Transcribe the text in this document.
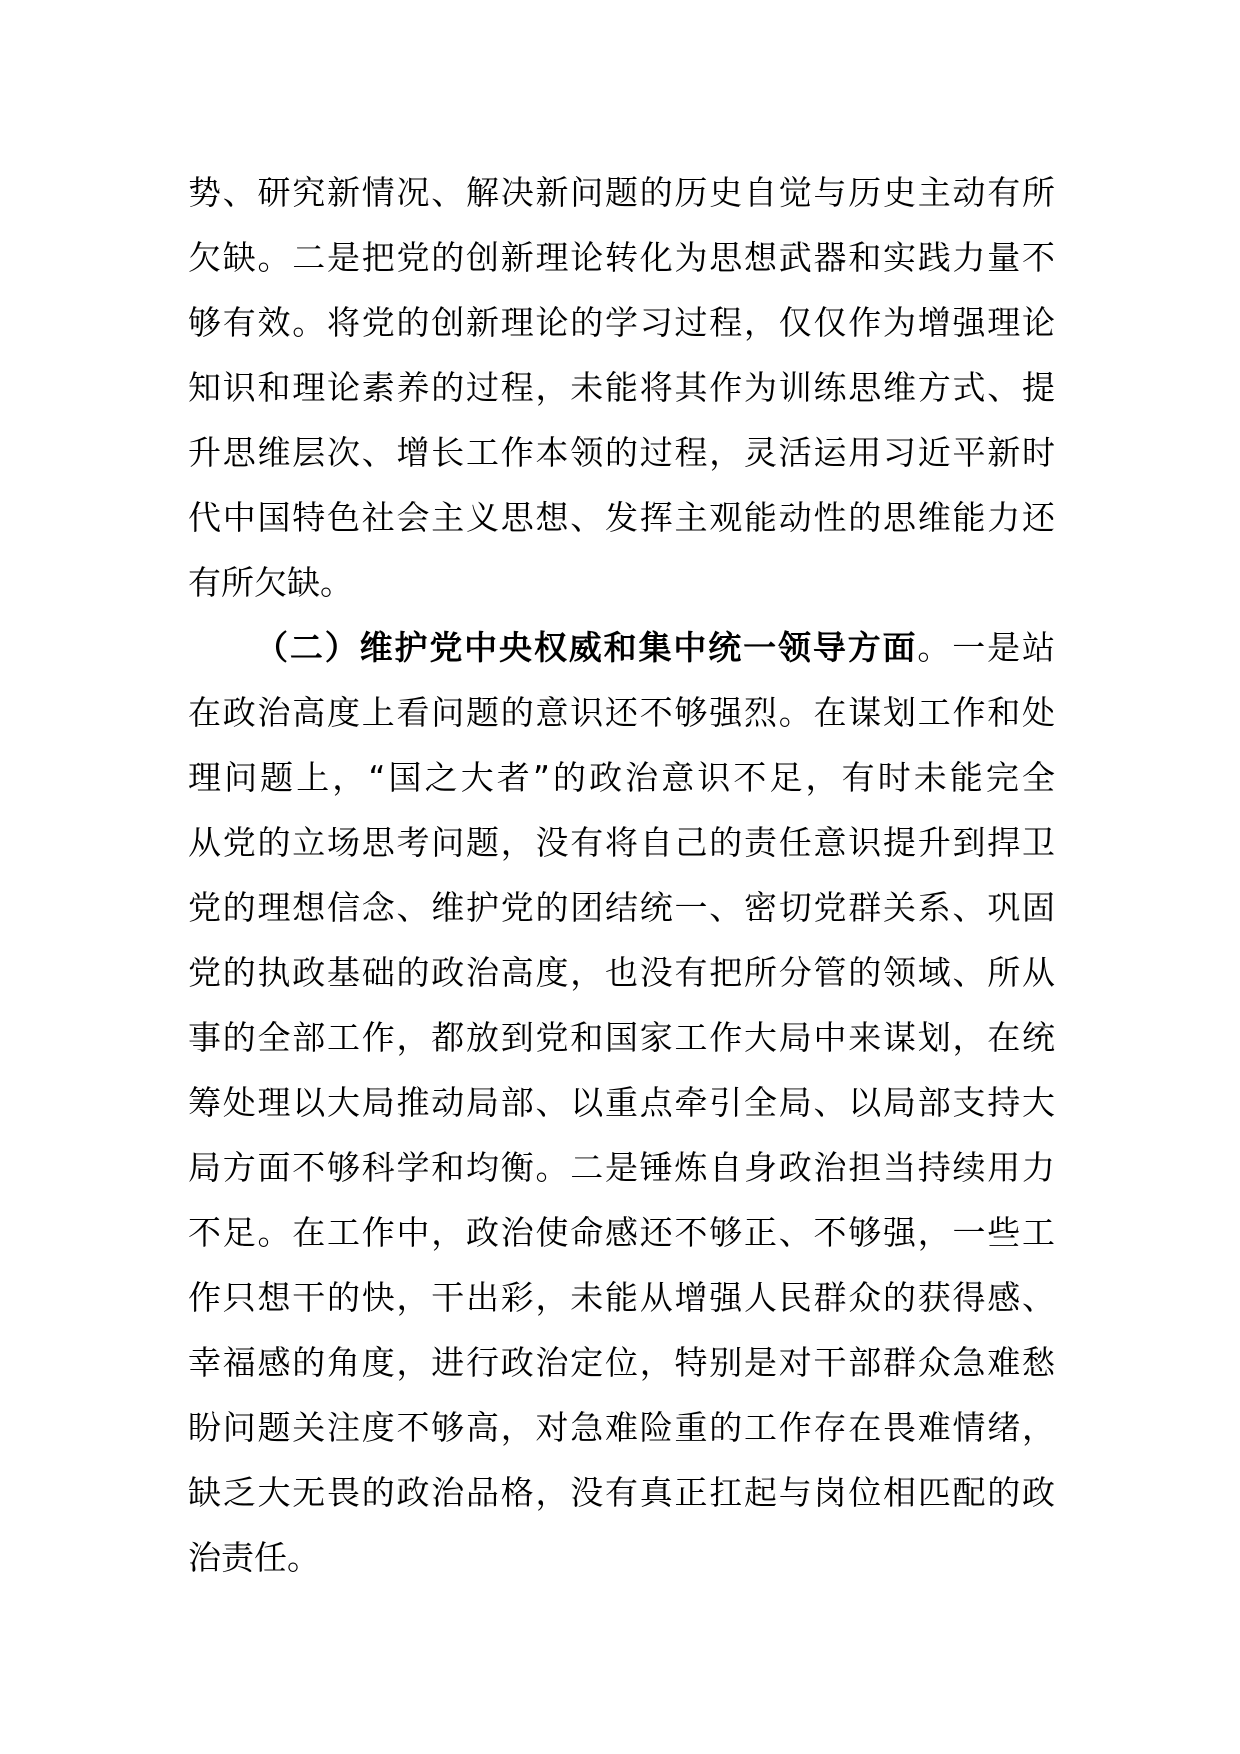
势、研究新情况、解决新问题的历史自觉与历史主动有所
欠缺。二是把党的创新理论转化为思想武器和实践力量不
够有效。将党的创新理论的学习过程，仅仅作为增强理论
知识和理论素养的过程，未能将其作为训练思维方式、提
升思维层次、增长工作本领的过程，灵活运用习近平新时
代中国特色社会主义思想、发挥主观能动性的思维能力还
有所欠缺。
（二）维护党中央权威和集中统一领导方面。一是站
在政治高度上看问题的意识还不够强烈。在谋划工作和处
理问题上，“国之大者”的政治意识不足，有时未能完全
从党的立场思考问题，没有将自己的责任意识提升到捍卫
党的理想信念、维护党的团结统一、密切党群关系、巩固
党的执政基础的政治高度，也没有把所分管的领域、所从
事的全部工作，都放到党和国家工作大局中来谋划，在统
筹处理以大局推动局部、以重点牵引全局、以局部支持大
局方面不够科学和均衡。二是锤炼自身政治担当持续用力
不足。在工作中，政治使命感还不够正、不够强，一些工
作只想干的快，干出彩，未能从增强人民群众的获得感、
幸福感的角度，进行政治定位，特别是对干部群众急难愁
盼问题关注度不够高，对急难险重的工作存在畏难情绪，
缺乏大无畏的政治品格，没有真正扛起与岗位相匹配的政
治责任。
